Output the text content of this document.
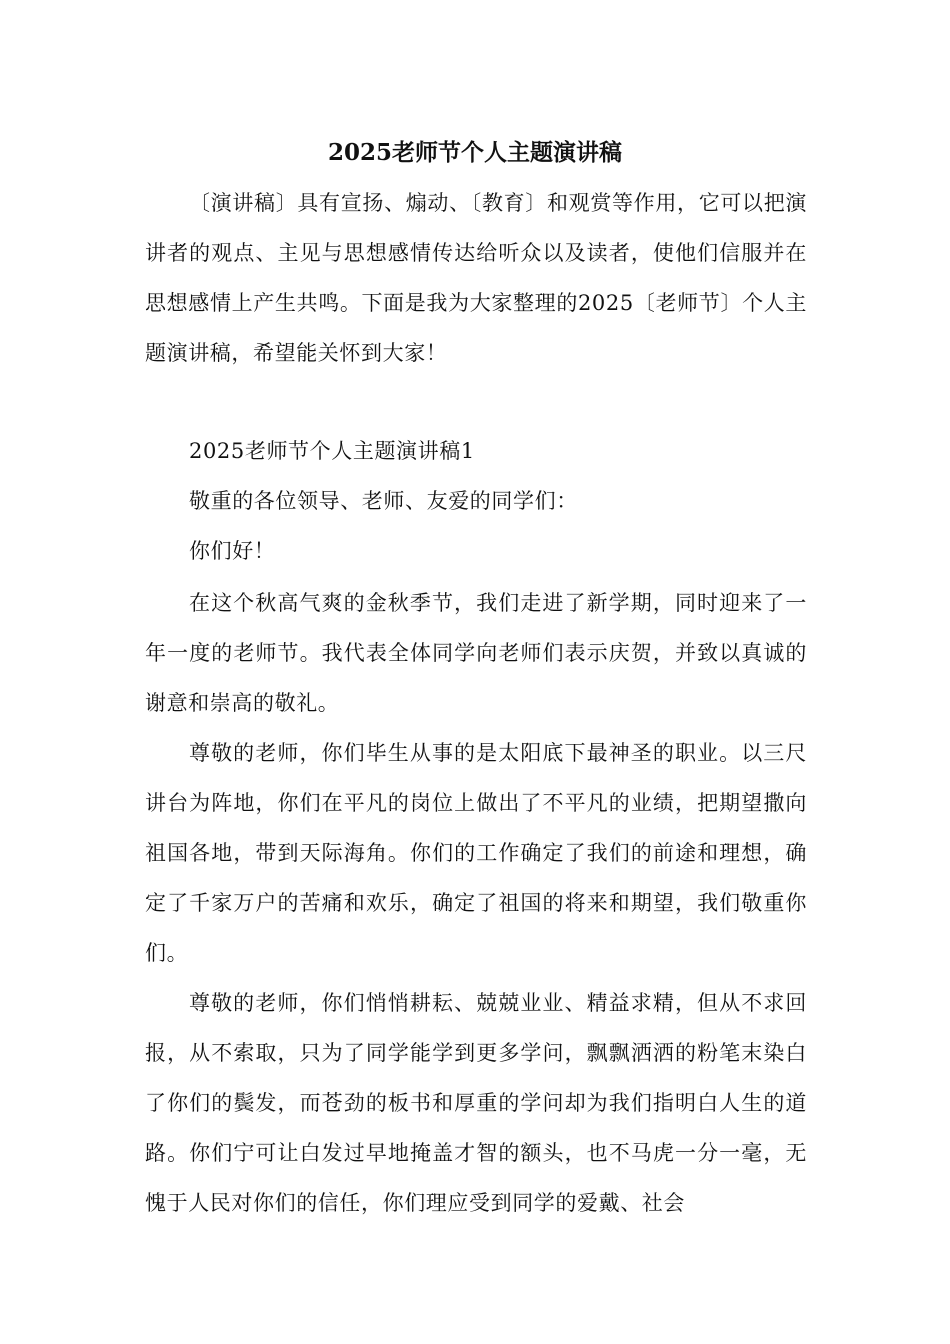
2025老师节个人主题演讲稿
〔演讲稿〕具有宣扬、煽动、〔教育〕和观赏等作用，它可以把演讲者的观点、主见与思想感情传达给听众以及读者，使他们信服并在思想感情上产生共鸣。下面是我为大家整理的2025〔老师节〕个人主题演讲稿，希望能关怀到大家！
2025老师节个人主题演讲稿1
敬重的各位领导、老师、友爱的同学们：
你们好！
在这个秋高气爽的金秋季节，我们走进了新学期，同时迎来了一年一度的老师节。我代表全体同学向老师们表示庆贺，并致以真诚的谢意和崇高的敬礼。
尊敬的老师，你们毕生从事的是太阳底下最神圣的职业。以三尺讲台为阵地，你们在平凡的岗位上做出了不平凡的业绩，把期望撒向祖国各地，带到天际海角。你们的工作确定了我们的前途和理想，确定了千家万户的苦痛和欢乐，确定了祖国的将来和期望，我们敬重你们。
尊敬的老师，你们悄悄耕耘、兢兢业业、精益求精，但从不求回报，从不索取，只为了同学能学到更多学问，飘飘洒洒的粉笔末染白了你们的鬓发，而苍劲的板书和厚重的学问却为我们指明白人生的道路。你们宁可让白发过早地掩盖才智的额头，也不马虎一分一毫，无愧于人民对你们的信任，你们理应受到同学的爱戴、社会
